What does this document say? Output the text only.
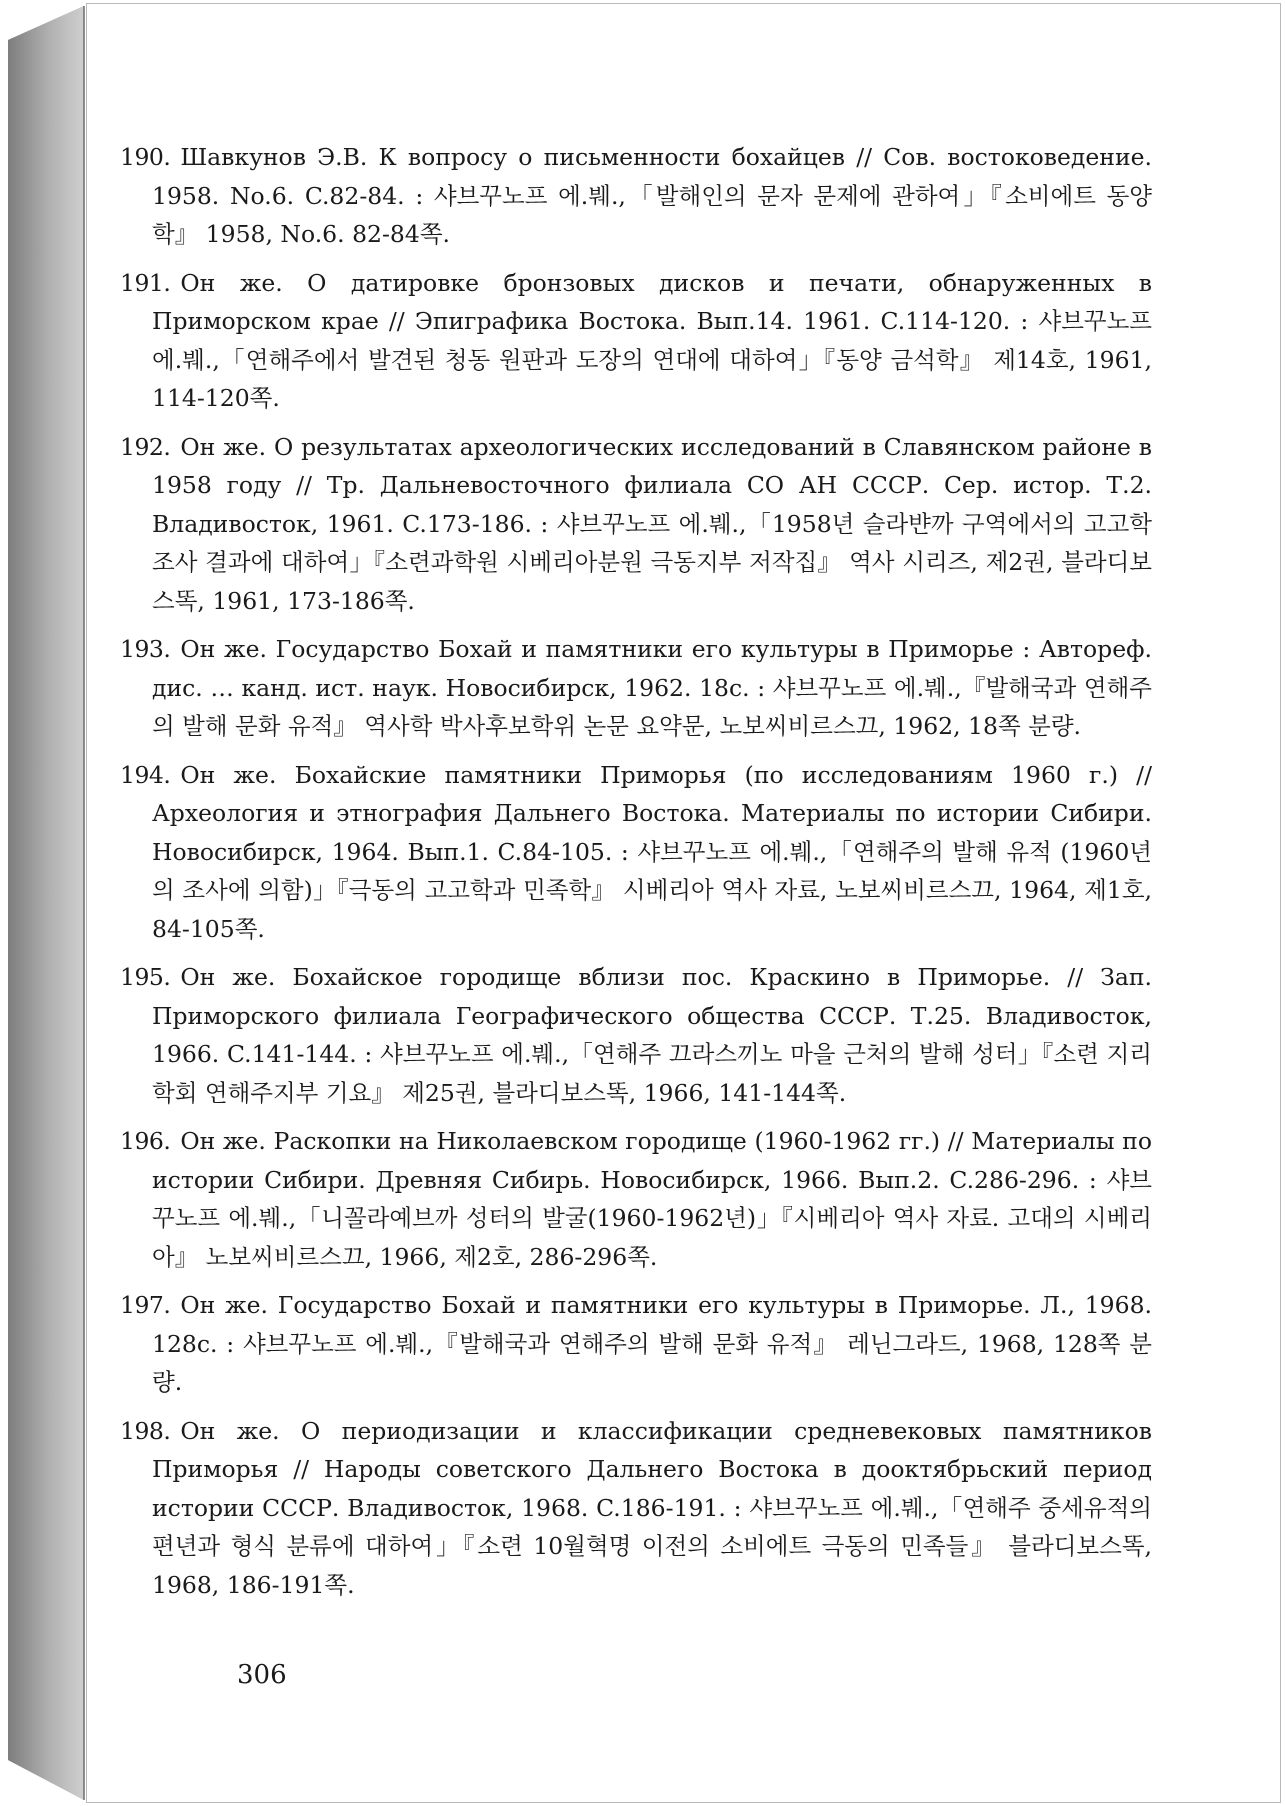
190. Шавкунов Э.В. К вопросу о письменности бохайцев // Сов. востоковедение. 1958. No.6. C.82-84. : 샤브꾸노프 에.붸.,「발해인의 문자 문제에 관하여」『소비에트 동양학』 1958, No.6. 82-84쪽.
191. Он же. О датировке бронзовых дисков и печати, обнаруженных в Приморском крае // Эпиграфика Востока. Вып.14. 1961. C.114-120. : 샤브꾸노프 에.붸.,「연해주에서 발견된 청동 원판과 도장의 연대에 대하여」『동양 금석학』 제14호, 1961, 114-120쪽.
192. Он же. О результатах археологических исследований в Славянском районе в 1958 году // Тр. Дальневосточного филиала СО АН СССР. Сер. истор. Т.2. Владивосток, 1961. C.173-186. : 샤브꾸노프 에.붸.,「1958년 슬라뱐까 구역에서의 고고학 조사 결과에 대하여」『소련과학원 시베리아분원 극동지부 저작집』 역사 시리즈, 제2권, 블라디보스똑, 1961, 173-186쪽.
193. Он же. Государство Бохай и памятники его культуры в Приморье : Автореф. дис. … канд. ист. наук. Новосибирск, 1962. 18с. : 샤브꾸노프 에.붸.,『발해국과 연해주의 발해 문화 유적』 역사학 박사후보학위 논문 요약문, 노보씨비르스끄, 1962, 18쪽 분량.
194. Он же. Бохайские памятники Приморья (по исследованиям 1960 г.) // Археология и этнография Дальнего Востока. Материалы по истории Сибири. Новосибирск, 1964. Вып.1. C.84-105. : 샤브꾸노프 에.붸.,「연해주의 발해 유적 (1960년의 조사에 의함)」『극동의 고고학과 민족학』 시베리아 역사 자료, 노보씨비르스끄, 1964, 제1호, 84-105쪽.
195. Он же. Бохайское городище вблизи пос. Краскино в Приморье. // Зап. Приморского филиала Географического общества СССР. Т.25. Владивосток, 1966. C.141-144. : 샤브꾸노프 에.붸.,「연해주 끄라스끼노 마을 근처의 발해 성터」『소련 지리학회 연해주지부 기요』 제25권, 블라디보스똑, 1966, 141-144쪽.
196. Он же. Раскопки на Николаевском городище (1960-1962 гг.) // Материалы по истории Сибири. Древняя Сибирь. Новосибирск, 1966. Вып.2. C.286-296. : 샤브꾸노프 에.붸.,「니꼴라예브까 성터의 발굴(1960-1962년)」『시베리아 역사 자료. 고대의 시베리아』 노보씨비르스끄, 1966, 제2호, 286-296쪽.
197. Он же. Государство Бохай и памятники его культуры в Приморье. Л., 1968. 128с. : 샤브꾸노프 에.붸.,『발해국과 연해주의 발해 문화 유적』 레닌그라드, 1968, 128쪽 분량.
198. Он же. О периодизации и классификации средневековых памятников Приморья // Народы советского Дальнего Востока в дооктябрьский период истории СССР. Владивосток, 1968. C.186-191. : 샤브꾸노프 에.붸.,「연해주 중세유적의 편년과 형식 분류에 대하여」『소련 10월혁명 이전의 소비에트 극동의 민족들』 블라디보스똑, 1968, 186-191쪽.
306
